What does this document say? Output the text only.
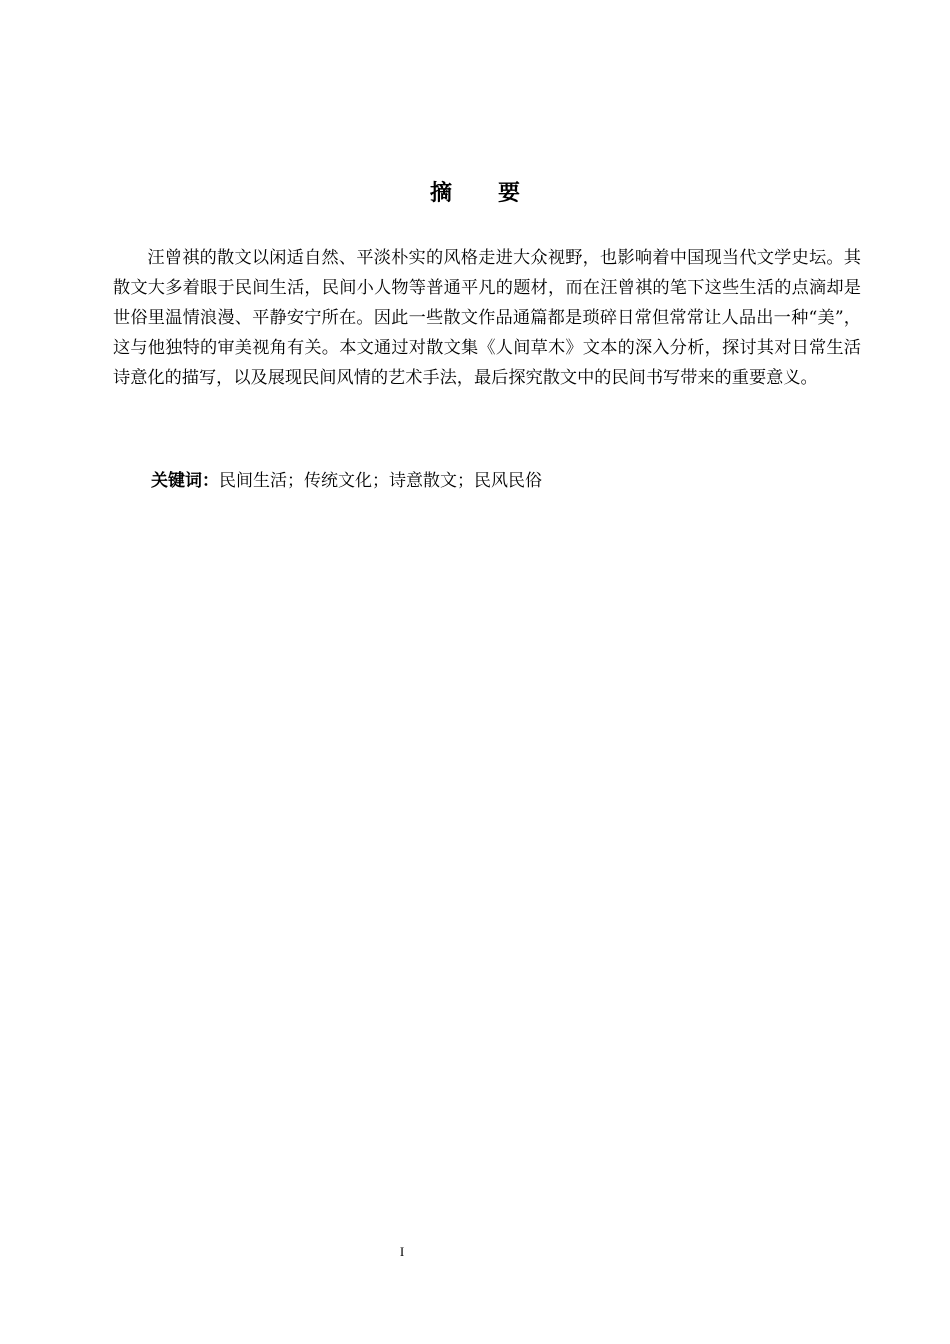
摘 要

汪曾祺的散文以闲适自然、平淡朴实的风格走进大众视野，也影响着中国现当代文学史坛。其散文大多着眼于民间生活，民间小人物等普通平凡的题材，而在汪曾祺的笔下这些生活的点滴却是世俗里温情浪漫、平静安宁所在。因此一些散文作品通篇都是琐碎日常但常常让人品出一种“美”，这与他独特的审美视角有关。本文通过对散文集《人间草木》文本的深入分析，探讨其对日常生活诗意化的描写，以及展现民间风情的艺术手法，最后探究散文中的民间书写带来的重要意义。

关键词：民间生活；传统文化；诗意散文；民风民俗
I
